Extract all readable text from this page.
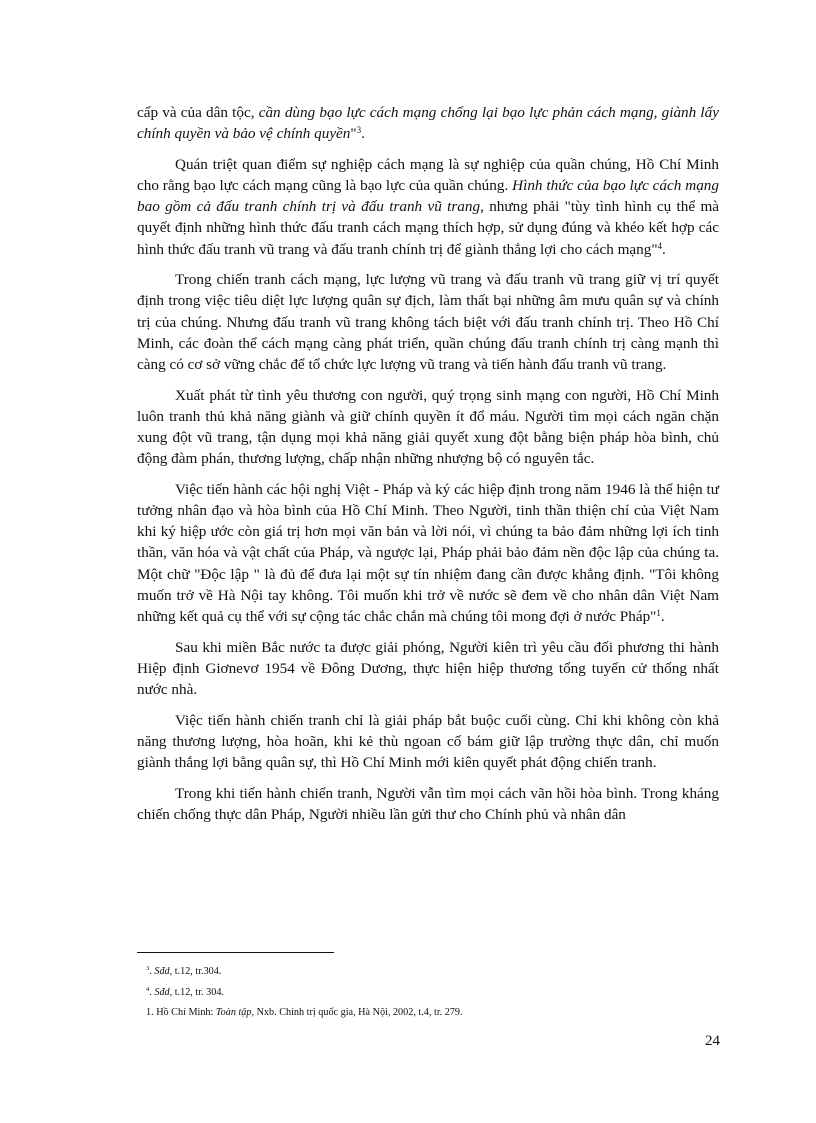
cấp và của dân tộc, cần dùng bạo lực cách mạng chống lại bạo lực phản cách mạng, giành lấy chính quyền và bảo vệ chính quyền"$^3$.

Quán triệt quan điểm sự nghiệp cách mạng là sự nghiệp của quần chúng, Hồ Chí Minh cho rằng bạo lực cách mạng cũng là bạo lực của quần chúng. Hình thức của bạo lực cách mạng bao gồm cả đấu tranh chính trị và đấu tranh vũ trang, nhưng phải "tùy tình hình cụ thể mà quyết định những hình thức đấu tranh cách mạng thích hợp, sử dụng đúng và khéo kết hợp các hình thức đấu tranh vũ trang và đấu tranh chính trị để giành thắng lợi cho cách mạng"$^4$.

Trong chiến tranh cách mạng, lực lượng vũ trang và đấu tranh vũ trang giữ vị trí quyết định trong việc tiêu diệt lực lượng quân sự địch, làm thất bại những âm mưu quân sự và chính trị của chúng. Nhưng đấu tranh vũ trang không tách biệt với đấu tranh chính trị. Theo Hồ Chí Minh, các đoàn thể cách mạng càng phát triển, quần chúng đấu tranh chính trị càng mạnh thì càng có cơ sở vững chắc để tổ chức lực lượng vũ trang và tiến hành đấu tranh vũ trang.

Xuất phát từ tình yêu thương con người, quý trọng sinh mạng con người, Hồ Chí Minh luôn tranh thủ khả năng giành và giữ chính quyền ít đổ máu. Người tìm mọi cách ngăn chặn xung đột vũ trang, tận dụng mọi khả năng giải quyết xung đột bằng biện pháp hòa bình, chủ động đàm phán, thương lượng, chấp nhận những nhượng bộ có nguyên tắc.

Việc tiến hành các hội nghị Việt - Pháp và ký các hiệp định trong năm 1946 là thể hiện tư tưởng nhân đạo và hòa bình của Hồ Chí Minh. Theo Người, tinh thần thiện chí của Việt Nam khi ký hiệp ước còn giá trị hơn mọi văn bản và lời nói, vì chúng ta bảo đảm những lợi ích tinh thần, văn hóa và vật chất của Pháp, và ngược lại, Pháp phải bảo đảm nền độc lập của chúng ta. Một chữ "Độc lập " là đủ để đưa lại một sự tín nhiệm đang cần được khẳng định. "Tôi không muốn trở về Hà Nội tay không. Tôi muốn khi trở về nước sẽ đem về cho nhân dân Việt Nam những kết quả cụ thể với sự cộng tác chắc chắn mà chúng tôi mong đợi ở nước Pháp"$^1$.

Sau khi miền Bắc nước ta được giải phóng, Người kiên trì yêu cầu đối phương thi hành Hiệp định Giơnevơ 1954 về Đông Dương, thực hiện hiệp thương tổng tuyển cử thống nhất nước nhà.

Việc tiến hành chiến tranh chỉ là giải pháp bắt buộc cuối cùng. Chỉ khi không còn khả năng thương lượng, hòa hoãn, khi kẻ thù ngoan cố bám giữ lập trường thực dân, chỉ muốn giành thắng lợi bằng quân sự, thì Hồ Chí Minh mới kiên quyết phát động chiến tranh.

Trong khi tiến hành chiến tranh, Người vẫn tìm mọi cách vãn hồi hòa bình. Trong kháng chiến chống thực dân Pháp, Người nhiều lần gửi thư cho Chính phủ và nhân dân

$^3$. Sđd, t.12, tr.304.
$^4$. Sđd, t.12, tr. 304.
1. Hồ Chí Minh: Toàn tập, Nxb. Chính trị quốc gia, Hà Nội, 2002, t.4, tr. 279.
24
